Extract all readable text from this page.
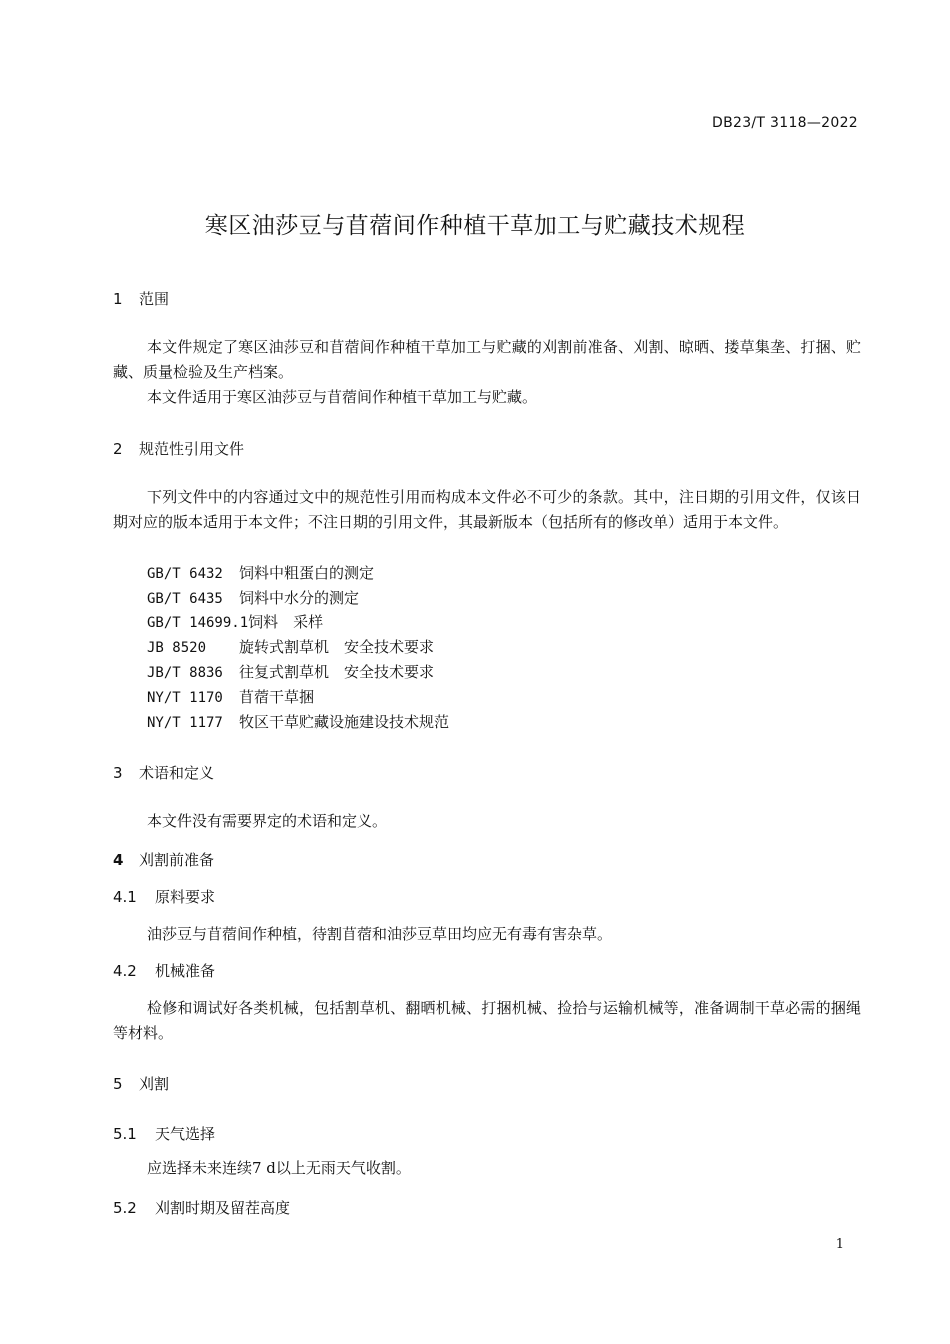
DB23/T 3118—2022
寒区油莎豆与苜蓿间作种植干草加工与贮藏技术规程
1 范围
本文件规定了寒区油莎豆和苜蓿间作种植干草加工与贮藏的刈割前准备、刈割、晾晒、搂草集垄、打捆、贮藏、质量检验及生产档案。
本文件适用于寒区油莎豆与苜蓿间作种植干草加工与贮藏。
2 规范性引用文件
下列文件中的内容通过文中的规范性引用而构成本文件必不可少的条款。其中，注日期的引用文件，仅该日期对应的版本适用于本文件；不注日期的引用文件，其最新版本（包括所有的修改单）适用于本文件。
GB/T 6432 饲料中粗蛋白的测定
GB/T 6435 饲料中水分的测定
GB/T 14699.1饲料　采样
JB 8520 旋转式割草机　安全技术要求
JB/T 8836 往复式割草机　安全技术要求
NY/T 1170 苜蓿干草捆
NY/T 1177 牧区干草贮藏设施建设技术规范
3 术语和定义
本文件没有需要界定的术语和定义。
4 刈割前准备
4.1 原料要求
油莎豆与苜蓿间作种植，待割苜蓿和油莎豆草田均应无有毒有害杂草。
4.2 机械准备
检修和调试好各类机械，包括割草机、翻晒机械、打捆机械、捡拾与运输机械等，准备调制干草必需的捆绳等材料。
5 刈割
5.1 天气选择
应选择未来连续7 d以上无雨天气收割。
5.2 刈割时期及留茬高度
1
